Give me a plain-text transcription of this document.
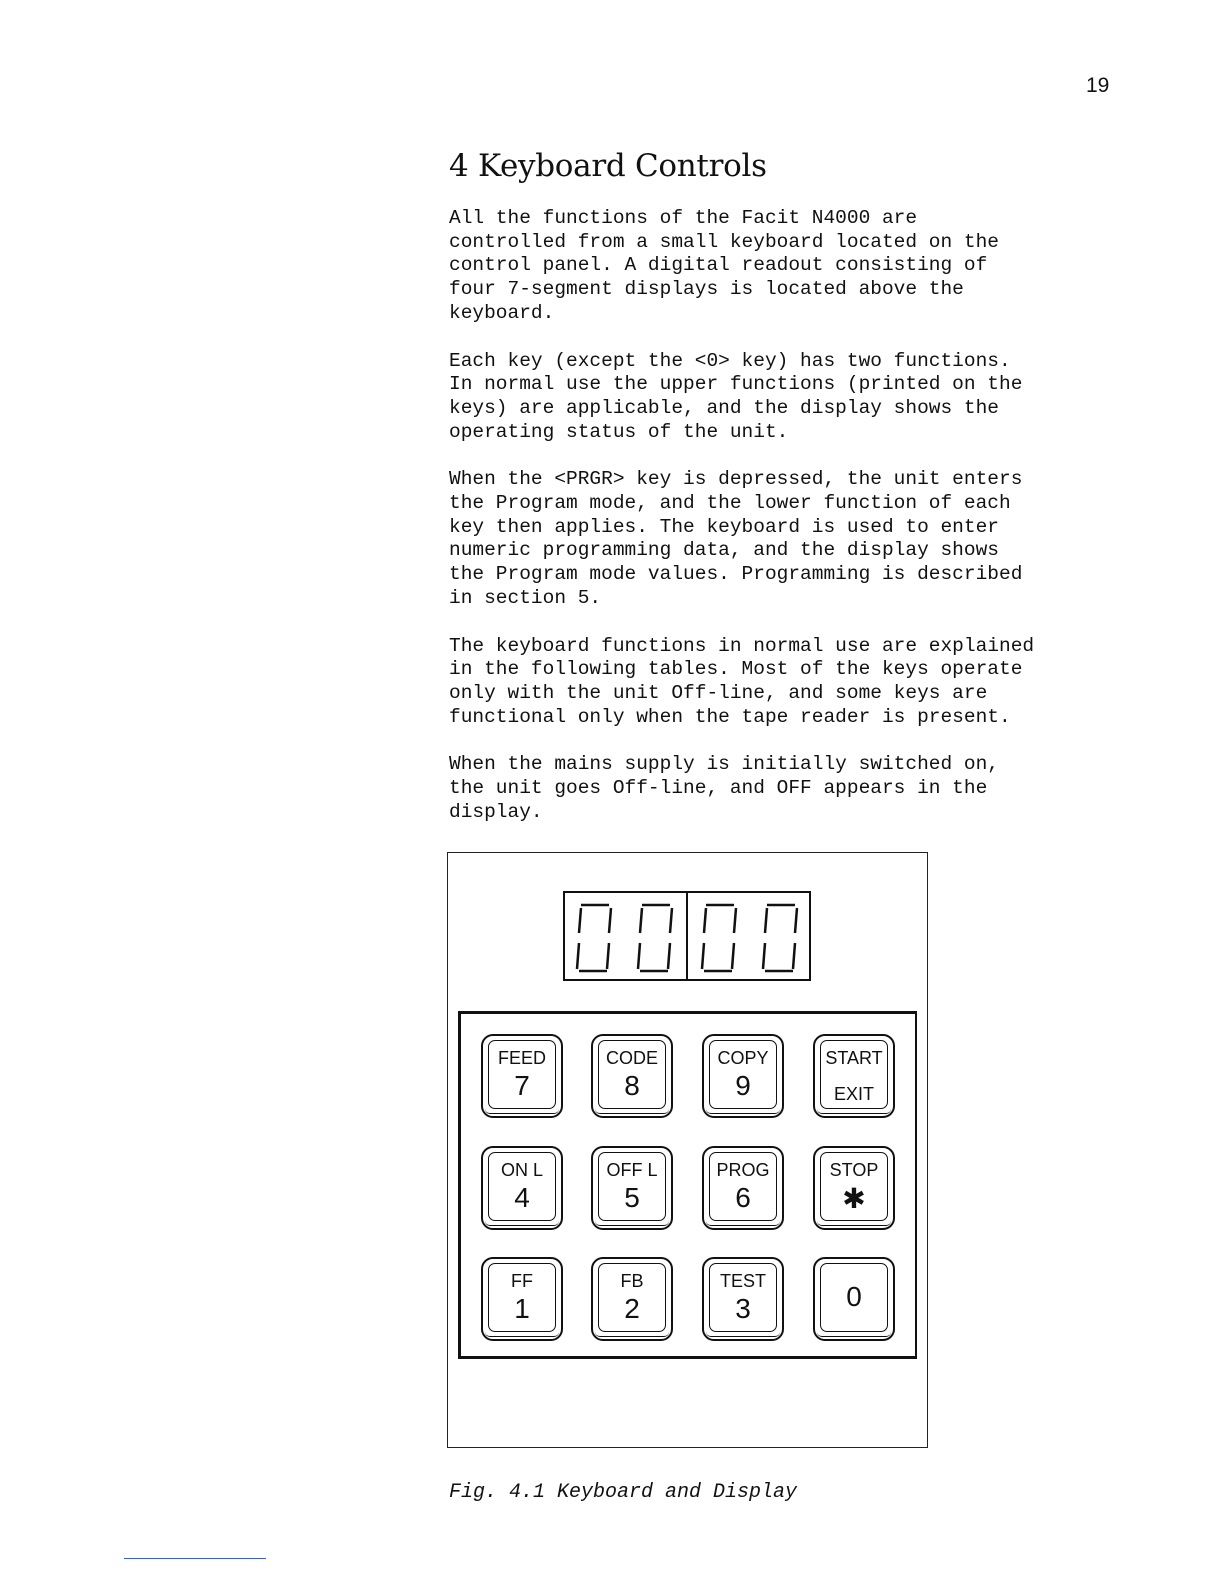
19
4 Keyboard Controls

All the functions of the Facit N4000 are
controlled from a small keyboard located on the
control panel. A digital readout consisting of
four 7-segment displays is located above the
keyboard.

Each key (except the <0> key) has two functions.
In normal use the upper functions (printed on the
keys) are applicable, and the display shows the
operating status of the unit.

When the <PRGR> key is depressed, the unit enters
the Program mode, and the lower function of each
key then applies. The keyboard is used to enter
numeric programming data, and the display shows
the Program mode values. Programming is described
in section 5.

The keyboard functions in normal use are explained
in the following tables. Most of the keys operate
only with the unit Off-line, and some keys are
functional only when the tape reader is present.

When the mains supply is initially switched on,
the unit goes Off-line, and OFF appears in the
display.

FEED
7
CODE
8
COPY
9
START
EXIT
ON L
4
OFF L
5
PROG
6
STOP
✱
FF
1
FB
2
TEST
3	0
Fig. 4.1 Keyboard and Display
